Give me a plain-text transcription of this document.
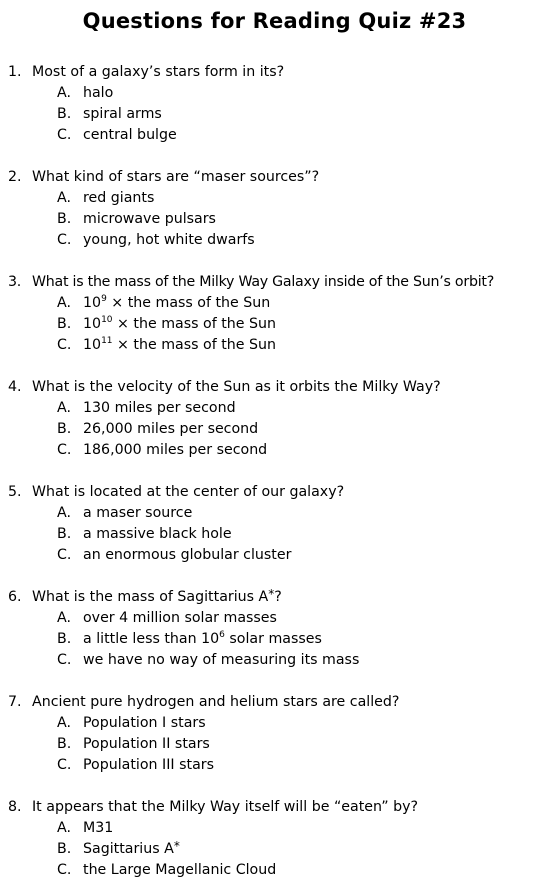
Questions for Reading Quiz #23
1. Most of a galaxy’s stars form in its?
A. halo
B. spiral arms
C. central bulge
2. What kind of stars are “maser sources”?
A. red giants
B. microwave pulsars
C. young, hot white dwarfs
3. What is the mass of the Milky Way Galaxy inside of the Sun’s orbit?
A. $10^9$ × the mass of the Sun
B. $10^{10}$ × the mass of the Sun
C. $10^{11}$ × the mass of the Sun
4. What is the velocity of the Sun as it orbits the Milky Way?
A. 130 miles per second
B. 26,000 miles per second
C. 186,000 miles per second
5. What is located at the center of our galaxy?
A. a maser source
B. a massive black hole
C. an enormous globular cluster
6. What is the mass of Sagittarius A*?
A. over 4 million solar masses
B. a little less than $10^6$ solar masses
C. we have no way of measuring its mass
7. Ancient pure hydrogen and helium stars are called?
A. Population I stars
B. Population II stars
C. Population III stars
8. It appears that the Milky Way itself will be “eaten” by?
A. M31
B. Sagittarius A*
C. the Large Magellanic Cloud
